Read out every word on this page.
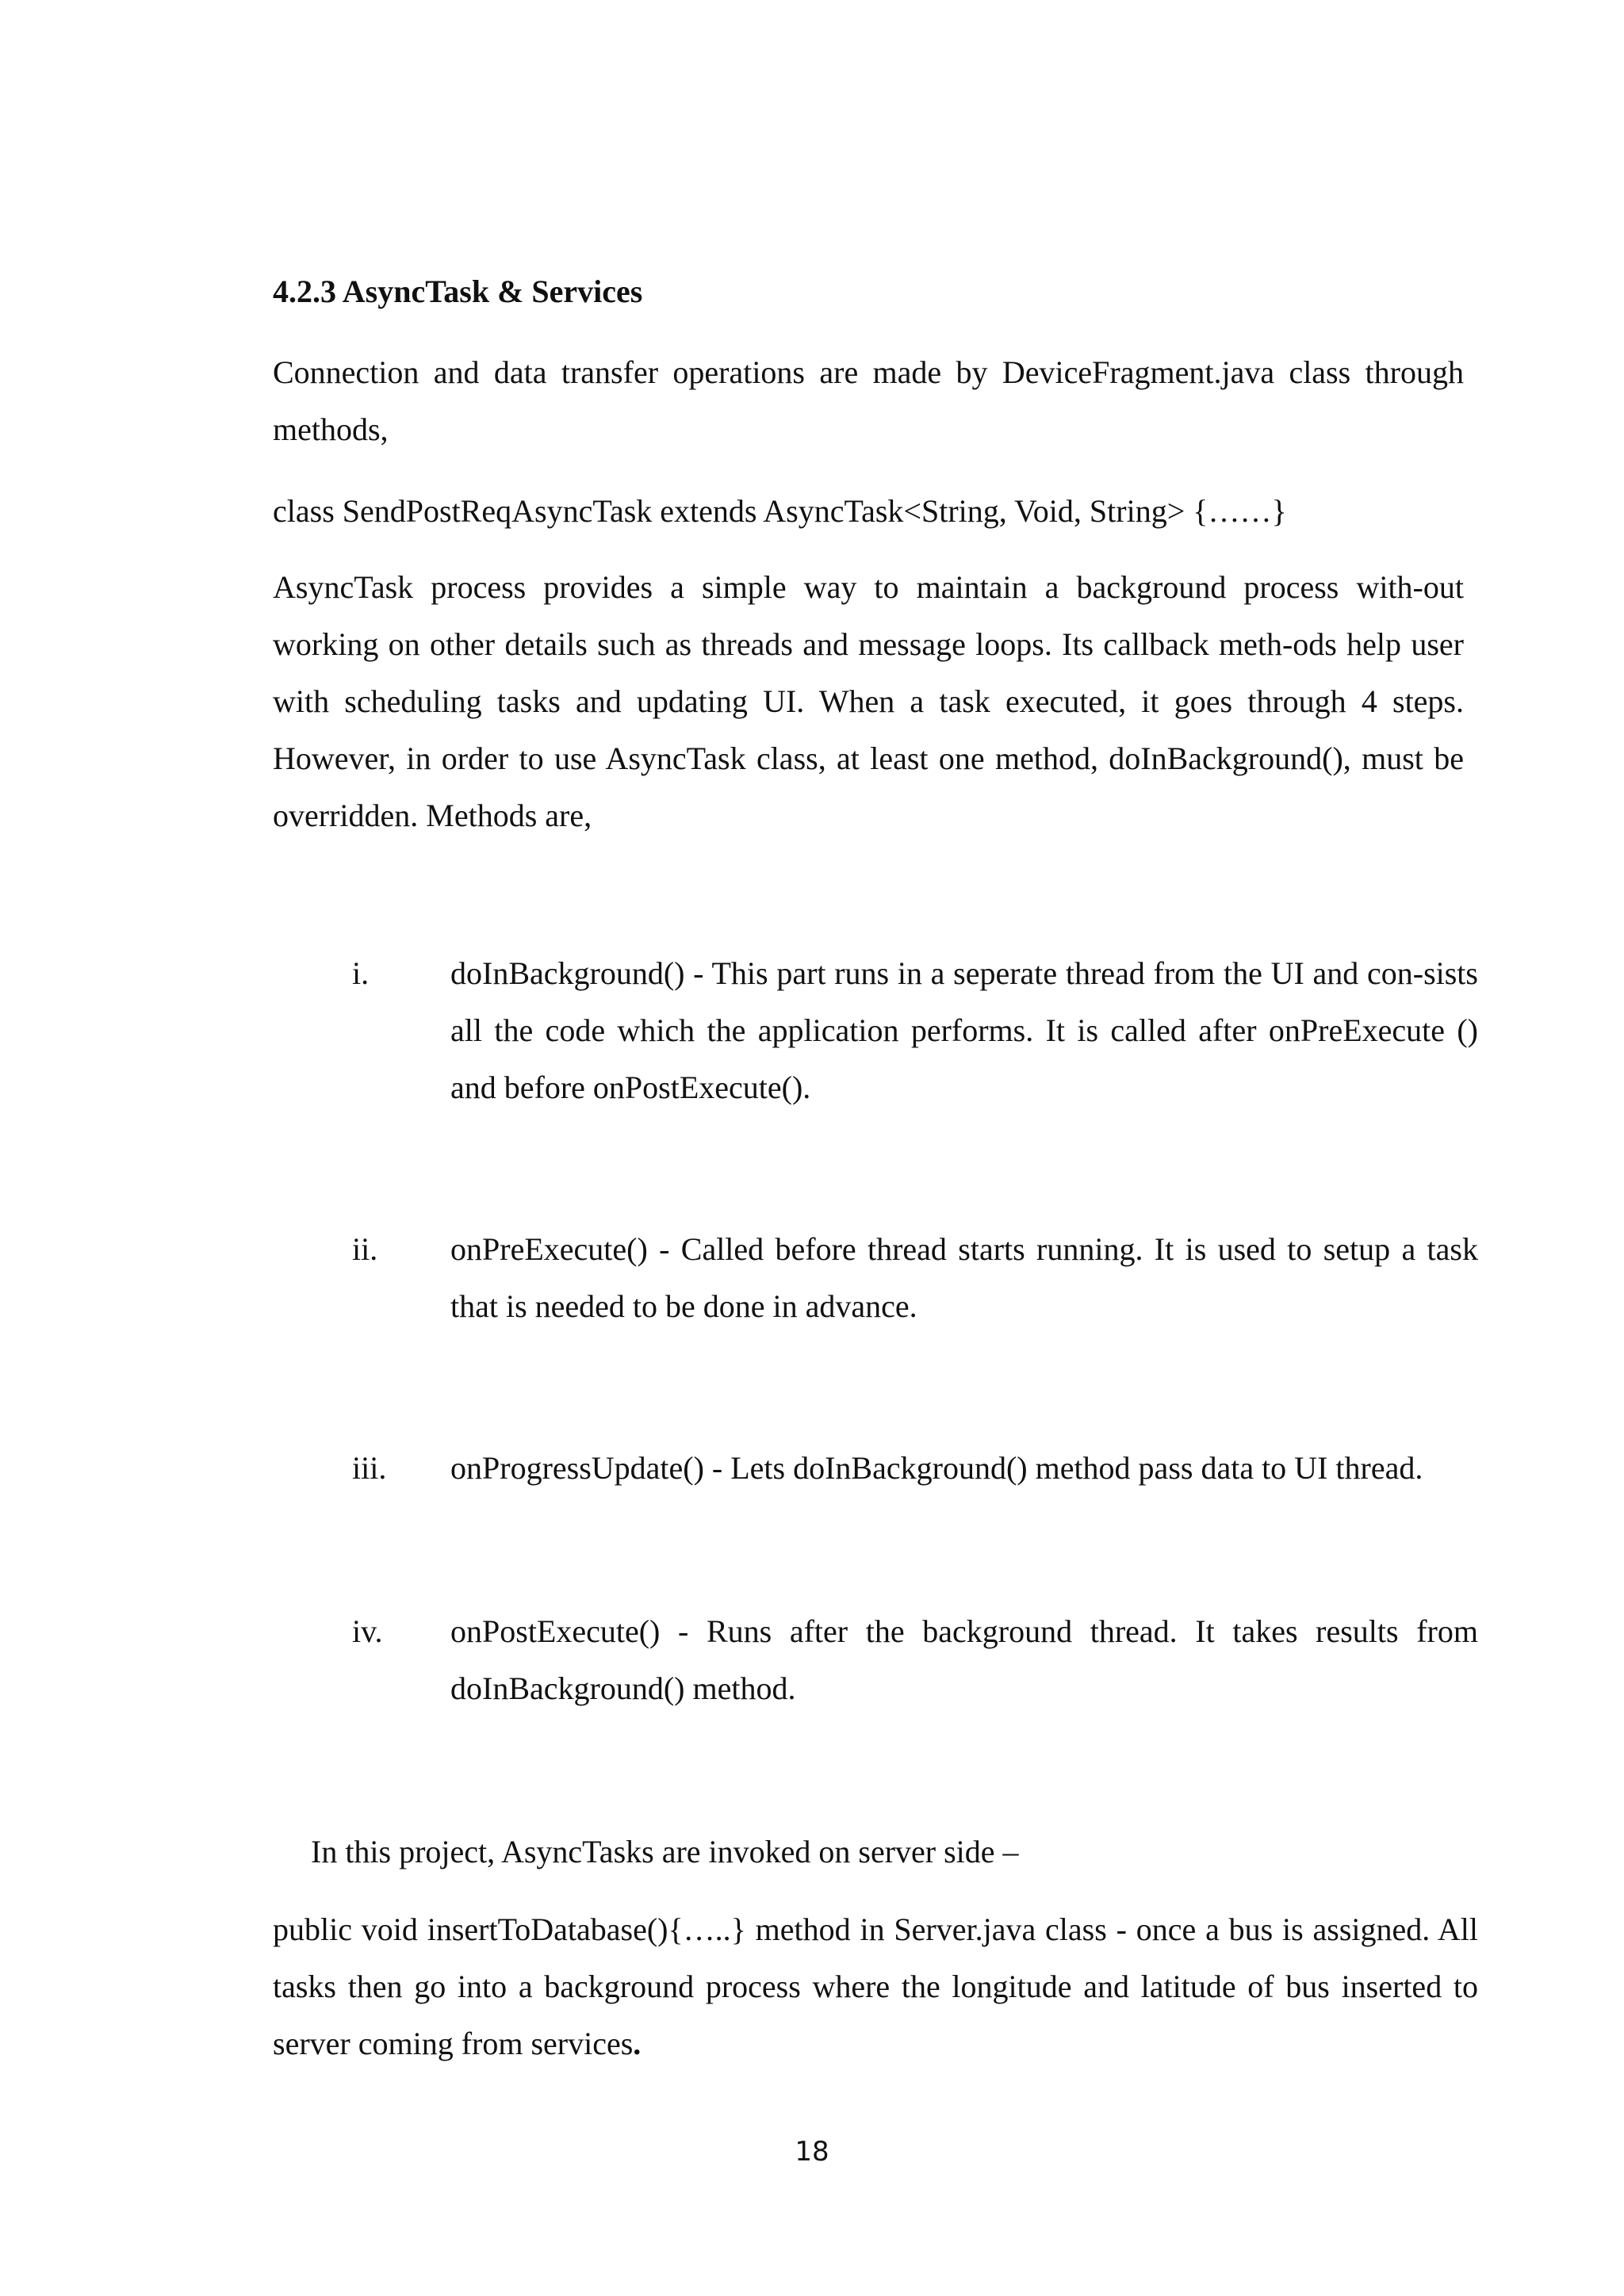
4.2.3 AsyncTask & Services
Connection and data transfer operations are made by DeviceFragment.java class through methods,
class SendPostReqAsyncTask extends AsyncTask<String, Void, String> {……}
AsyncTask process provides a simple way to maintain a background process with-out working on other details such as threads and message loops. Its callback meth-ods help user with scheduling tasks and updating UI. When a task executed, it goes through 4 steps. However, in order to use AsyncTask class, at least one method, doInBackground(), must be overridden. Methods are,
i.	doInBackground() - This part runs in a seperate thread from the UI and con-sists all the code which the application performs. It is called after onPreExecute () and before onPostExecute().
ii. onPreExecute() - Called before thread starts running. It is used to setup a task that is needed to be done in advance.
iii. onProgressUpdate() - Lets doInBackground() method pass data to UI thread.
iv. onPostExecute() - Runs after the background thread. It takes results from doInBackground() method.
In this project, AsyncTasks are invoked on server side –
public void insertToDatabase(){…..} method in Server.java class - once a bus is assigned. All tasks then go into a background process where the longitude and latitude of bus inserted to server coming from services.
18
